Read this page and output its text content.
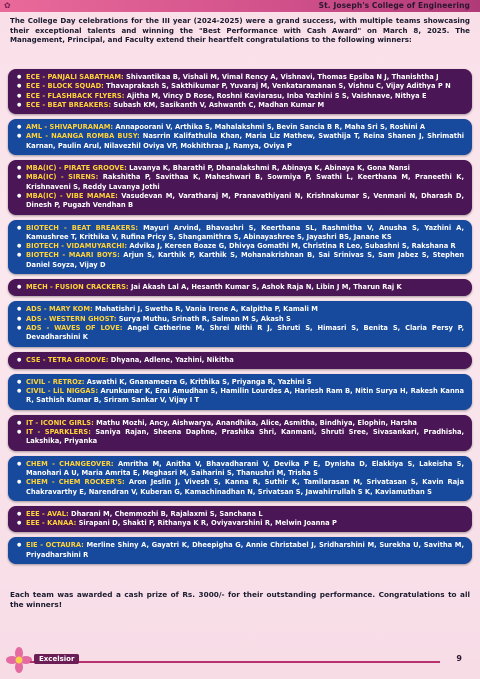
✿	St. Joseph's College of Engineering
The College Day celebrations for the III year (2024-2025) were a grand success, with multiple teams showcasing their exceptional talents and winning the "Best Performance with Cash Award" on March 8, 2025. The Management, Principal, and Faculty extend their heartfelt congratulations to the following winners:
● ECE - PANJALI SABATHAM: Shivantikaa B, Vishali M, Vimal Rency A, Vishnavi, Thomas Epsiba N J, Thanishtha J
● ECE - BLOCK SQUAD: Thavaprakash S, Sakthikumar P, Yuvaraj M, Venkataramanan S, Vishnu C, Vijay Adithya P N
● ECE - FLASHBACK FLYERS: Ajitha M, Vincy D Rose, Roshni Kaviarasu, Inba Yazhini S S, Vaishnave, Nithya E
● ECE - BEAT BREAKERS: Subash KM, Sasikanth V, Ashwanth C, Madhan Kumar M
● AML - SHIVAPURANAM: Annapoorani V, Arthika S, Mahalakshmi S, Bevin Sancia B R, Maha Sri S, Roshini A
● AML - NAANGA ROMBA BUSY: Nasrrin Kalifathulla Khan, Maria Liz Mathew, Swathija T, Reina Shanen J, Shrimathi Karnan, Paulin Arul, Nilavezhil Oviya VP, Mokhithraa J, Ramya, Oviya P
● MBA(IC) - PIRATE GROOVE: Lavanya K, Bharathi P, Dhanalakshmi R, Abinaya K, Abinaya K, Gona Nansi
● MBA(IC) - SIRENS: Rakshitha P, Savithaa K, Maheshwari B, Sowmiya P, Swathi L, Keerthana M, Praneethi K, Krishnaveni S, Reddy Lavanya Jothi
● MBA(IC) - VIBE MAMAE: Vasudevan M, Varatharaj M, Pranavathiyani N, Krishnakumar S, Venmani N, Dharash D, Dinesh P, Pugazh Vendhan B
● BIOTECH - BEAT BREAKERS: Mayuri Arvind, Bhavashri S, Keerthana SL, Rashmitha V, Anusha S, Yazhini A, Kamushree T, Krithika V, Rufina Pricy S, Shangamithra S, Abinayashree S, Jayashri BS, Janane KS
● BIOTECH - VIDAMUYARCHI: Advika J, Kereen Boaze G, Dhivya Gomathi M, Christina R Leo, Subashni S, Rakshana R
● BIOTECH - MAARI BOYS: Arjun S, Karthik P, Karthik S, Mohanakrishnan B, Sai Srinivas S, Sam Jabez S, Stephen Daniel Soyza, Vijay D
● MECH - FUSION CRACKERS: Jai Akash Lal A, Hesanth Kumar S, Ashok Raja N, Libin J M, Tharun Raj K
● ADS - MARY KOM: Mahatishri J, Swetha R, Vania Irene A, Kalpitha P, Kamali M
● ADS - WESTERN GHOST: Surya Muthu, Srinath R, Salman M S, Akash S
● ADS - WAVES OF LOVE: Angel Catherine M, Shrei Nithi R J, Shruti S, Himasri S, Benita S, Claria Persy P, Devadharshini K
● CSE - TETRA GROOVE: Dhyana, Adlene, Yazhini, Nikitha
● CIVIL - RETROz: Aswathi K, Gnanameera G, Krithika S, Priyanga R, Yazhini S
● CIVIL - LiL NIGGAS: Arunkumar K, Erai Amudhan S, Hamilin Lourdes A, Hariesh Ram B, Nitin Surya H, Rakesh Kanna R, Sathish Kumar B, Sriram Sankar V, Vijay I T
● IT - ICONIC GIRLS: Mathu Mozhi, Ancy, Aishwarya, Anandhika, Alice, Asmitha, Bindhiya, Elophin, Harsha
● IT - SPARKLERS: Saniya Rajan, Sheena Daphne, Prashika Shri, Kanmani, Shruti Sree, Sivasankari, Pradhisha, Lakshika, Priyanka
● CHEM - CHANGEOVER: Amritha M, Anitha V, Bhavadharani V, Devika P E, Dynisha D, Elakkiya S, Lakeisha S, Manohari A U, Maria Amrita E, Meghasri M, Saiharini S, Thanushri M, Trisha S
● CHEM - CHEM ROCKER'S: Aron Jeslin J, Vivesh S, Kanna R, Suthir K, Tamilarasan M, Srivatasan S, Kavin Raja Chakravarthy E, Narendran V, Kuberan G, Kamachinadhan N, Srivatsan S, Jawahirrullah S K, Kaviamuthan S
● EEE - AVAL: Dharani M, Chemmozhi B, Rajalaxmi S, Sanchana L
● EEE - KANAA: Sirapani D, Shakti P, Rithanya K R, Oviyavarshini R, Melwin Joanna P
● EIE - OCTAURA: Merline Shiny A, Gayatri K, Dheepigha G, Annie Christabel J, Sridharshini M, Surekha U, Savitha M, Priyadharshini R
Each team was awarded a cash prize of Rs. 3000/- for their outstanding performance. Congratulations to all the winners!
Excelsior	9
